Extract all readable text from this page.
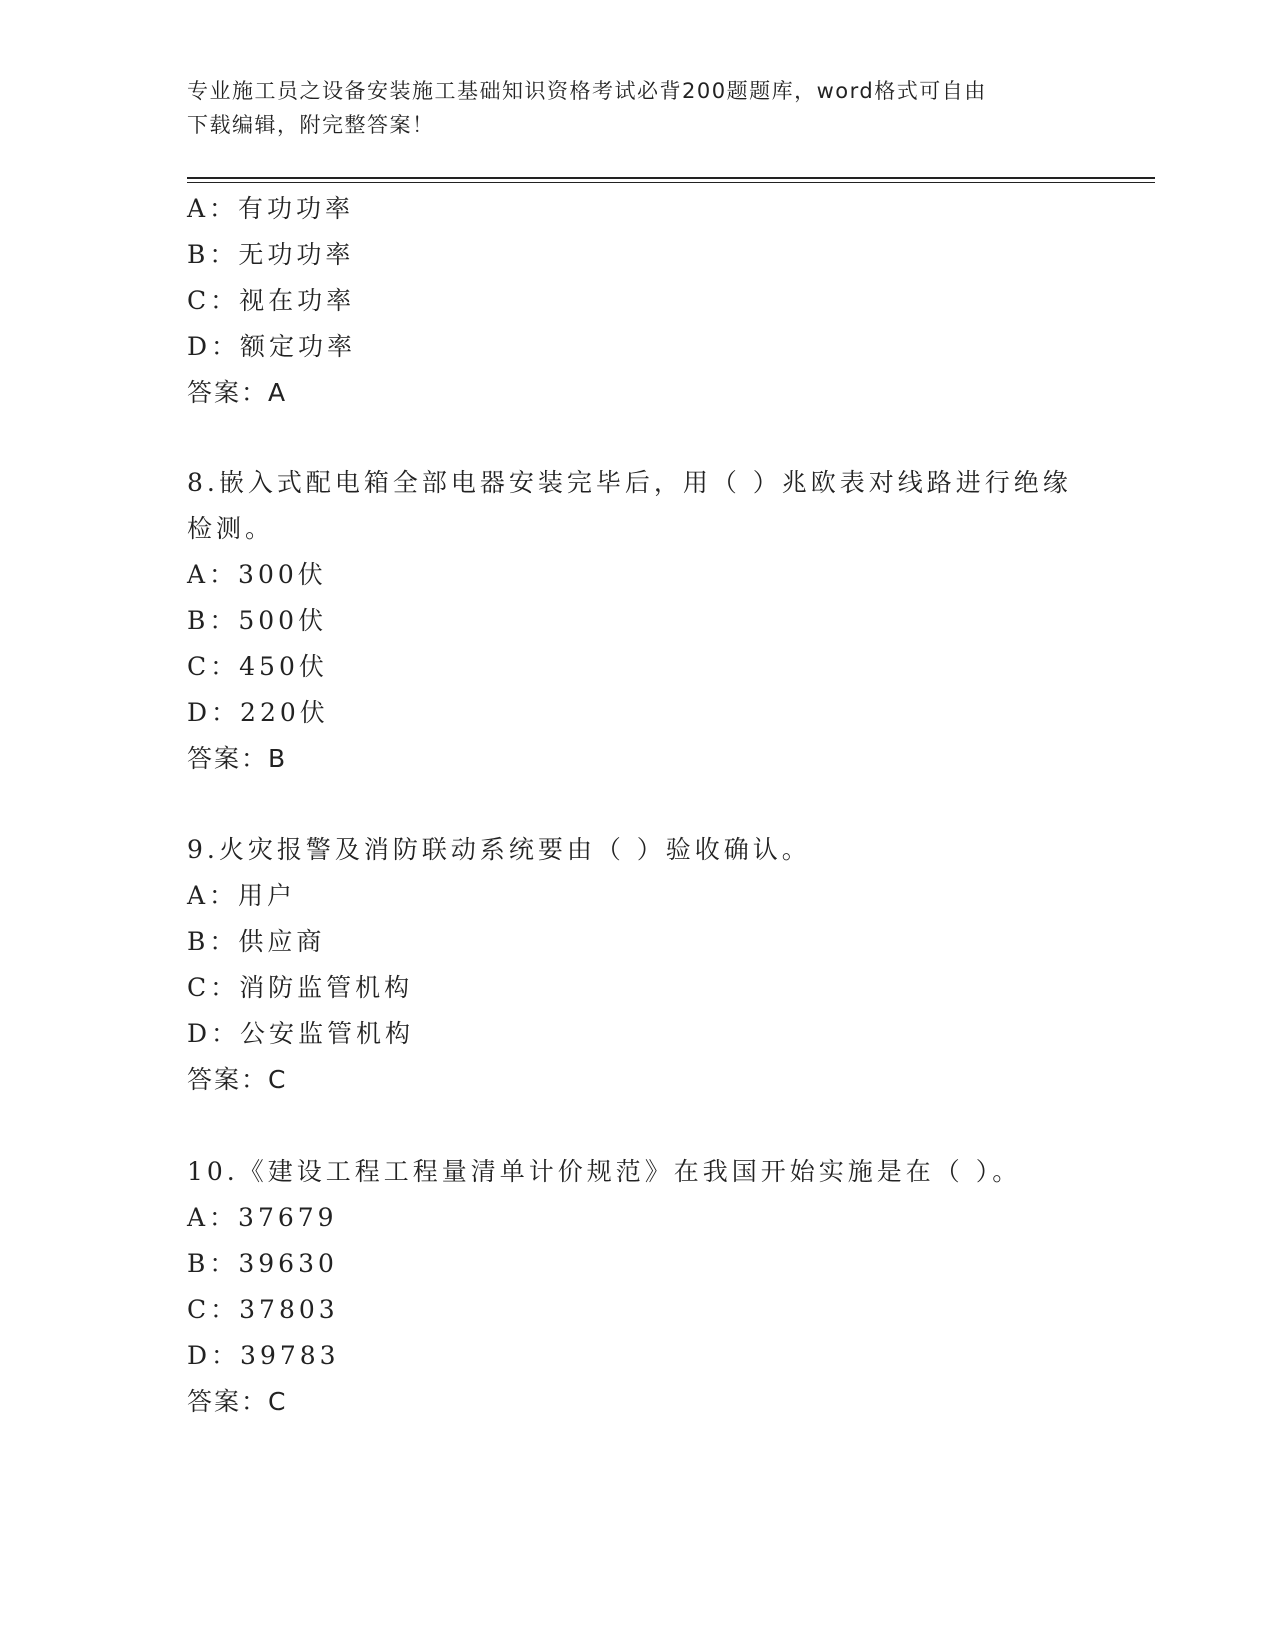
专业施工员之设备安装施工基础知识资格考试必背200题题库，word格式可自由
下载编辑，附完整答案！
A：有功功率
B：无功功率
C：视在功率
D：额定功率
答案：A
8.嵌入式配电箱全部电器安装完毕后，用（ ）兆欧表对线路进行绝缘
检测。
A：300伏
B：500伏
C：450伏
D：220伏
答案：B
9.火灾报警及消防联动系统要由（ ）验收确认。
A：用户
B：供应商
C：消防监管机构
D：公安监管机构
答案：C
10.《建设工程工程量清单计价规范》在我国开始实施是在（ ）。
A：37679
B：39630
C：37803
D：39783
答案：C
